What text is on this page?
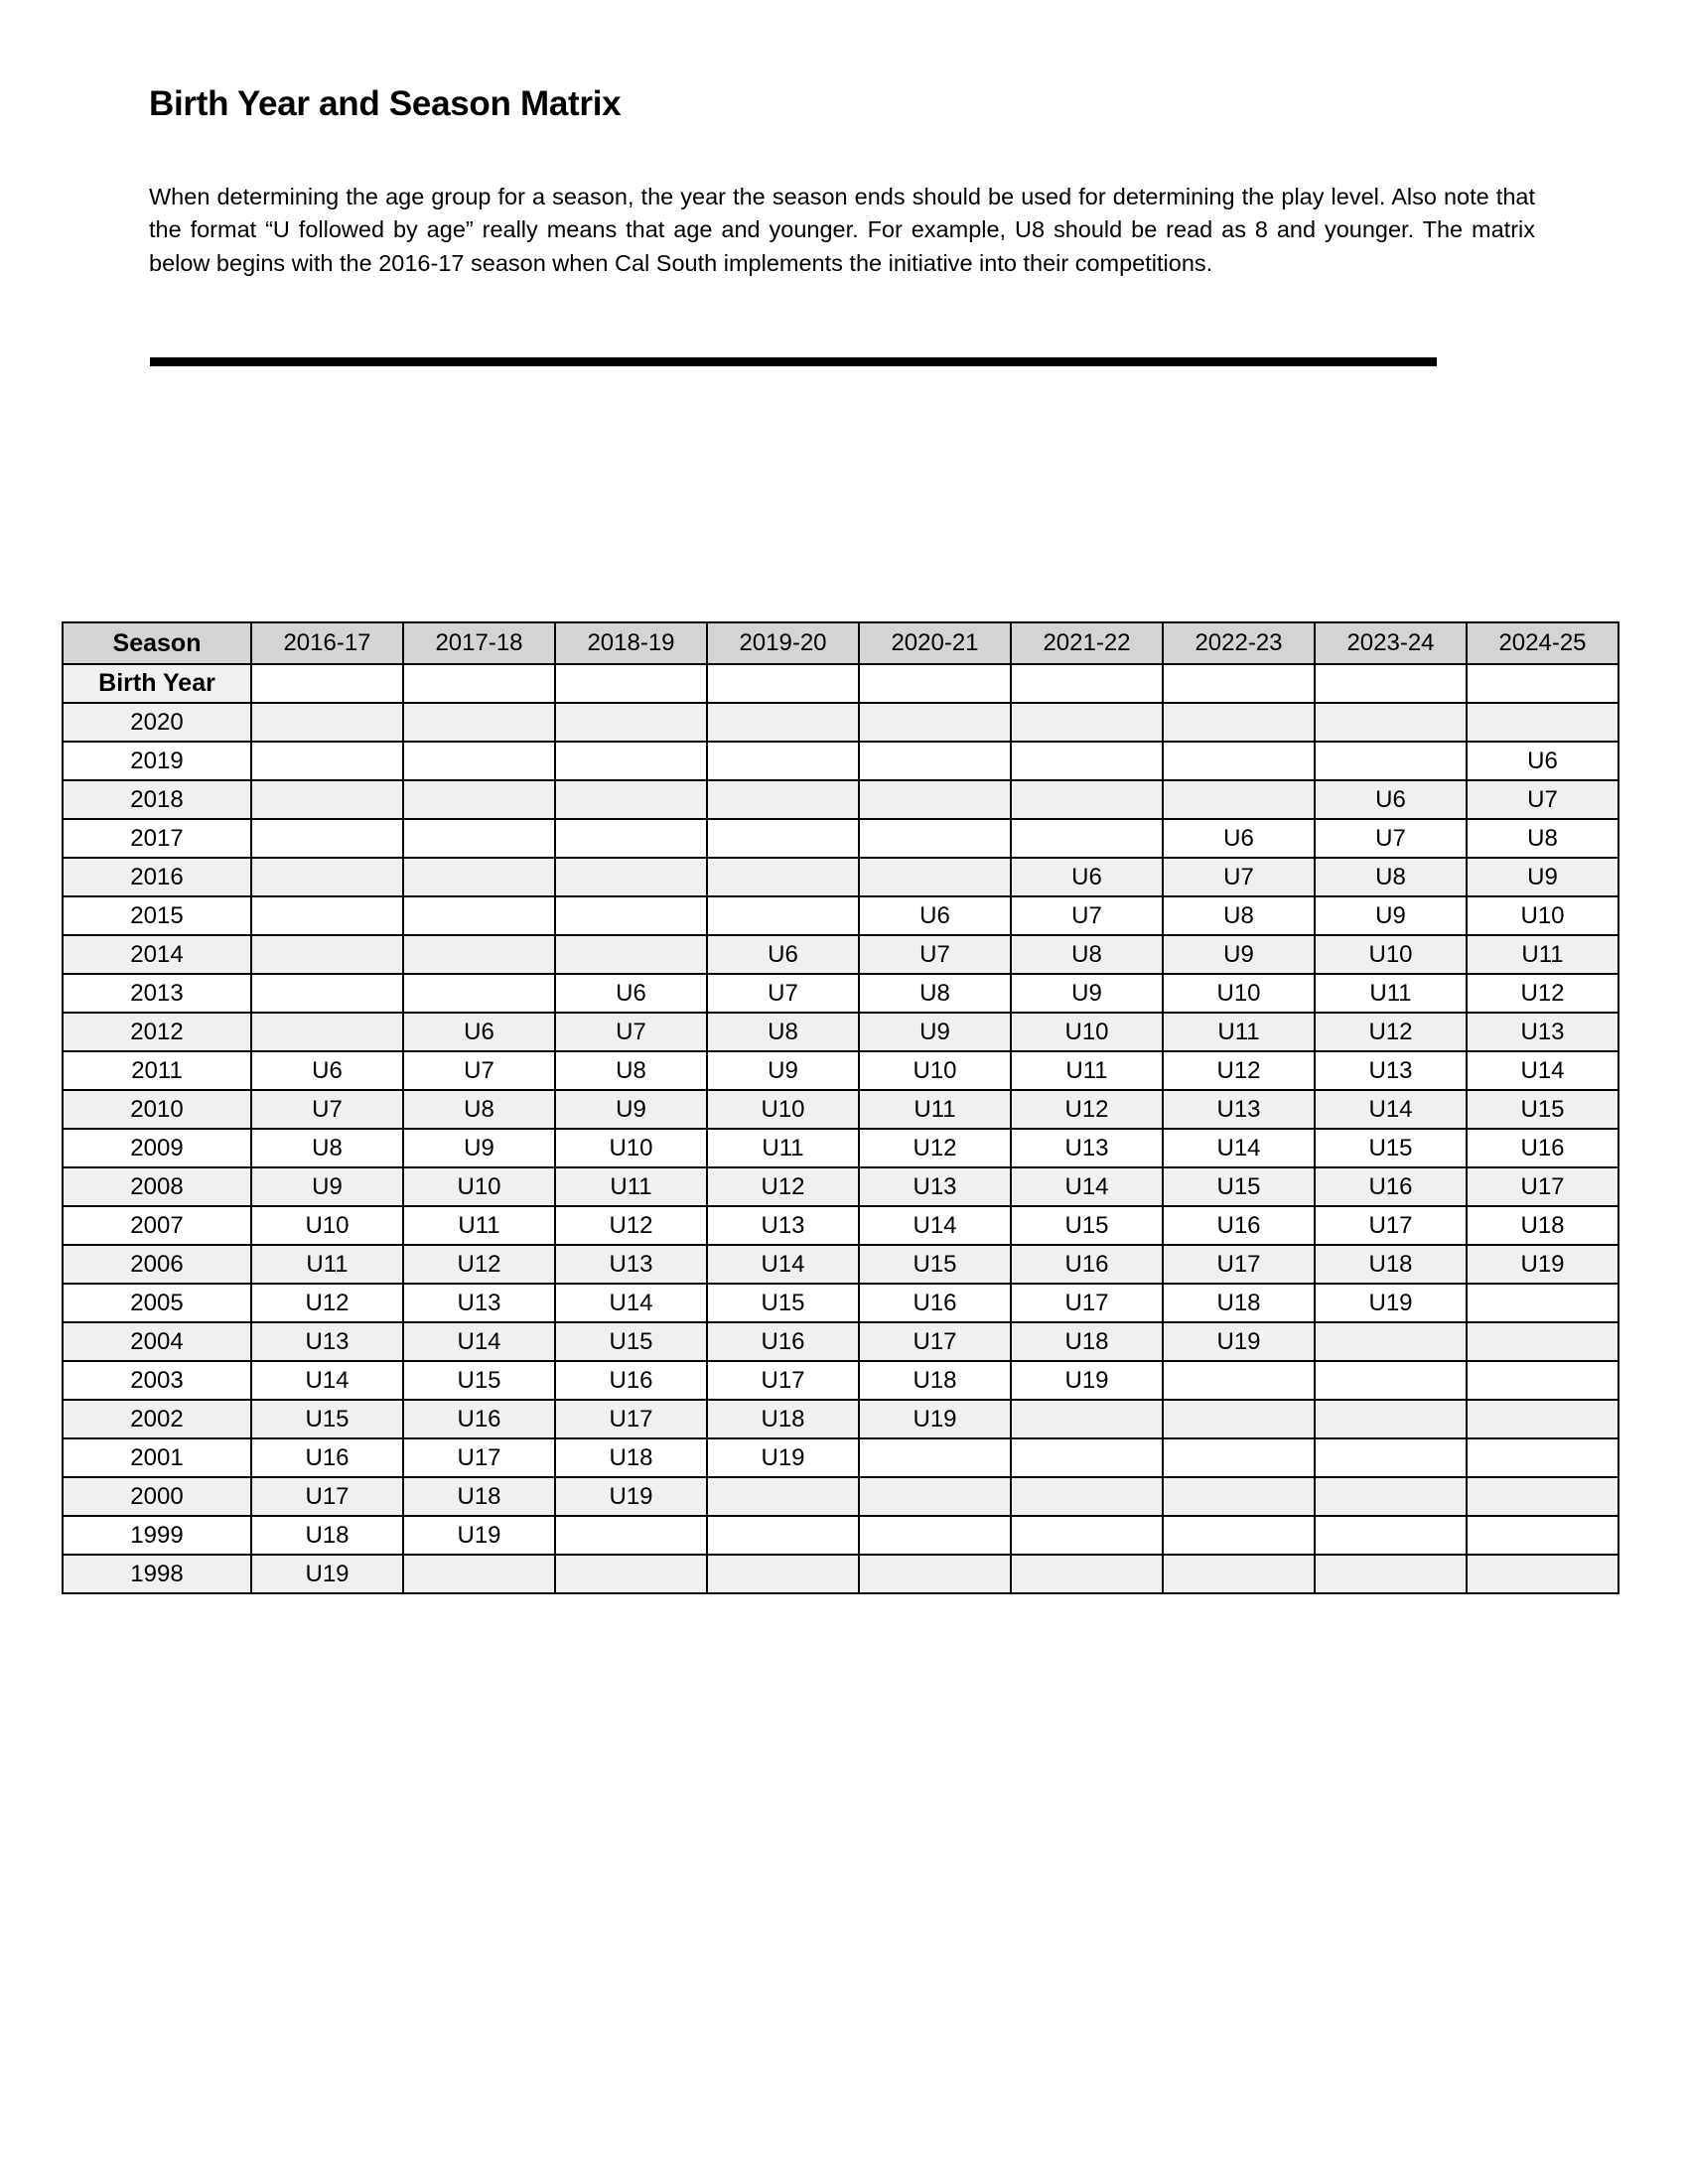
Birth Year and Season Matrix

When determining the age group for a season, the year the season ends should be used for determining the play level. Also note that the format “U followed by age” really means that age and younger. For example, U8 should be read as 8 and younger. The matrix below begins with the 2016-17 season when Cal South implements the initiative into their competitions.

Season	2016-17	2017-18	2018-19	2019-20	2020-21	2021-22	2022-23	2023-24	2024-25
Birth Year									
2020									
2019									U6
2018								U6	U7
2017							U6	U7	U8
2016						U6	U7	U8	U9
2015					U6	U7	U8	U9	U10
2014				U6	U7	U8	U9	U10	U11
2013			U6	U7	U8	U9	U10	U11	U12
2012		U6	U7	U8	U9	U10	U11	U12	U13
2011	U6	U7	U8	U9	U10	U11	U12	U13	U14
2010	U7	U8	U9	U10	U11	U12	U13	U14	U15
2009	U8	U9	U10	U11	U12	U13	U14	U15	U16
2008	U9	U10	U11	U12	U13	U14	U15	U16	U17
2007	U10	U11	U12	U13	U14	U15	U16	U17	U18
2006	U11	U12	U13	U14	U15	U16	U17	U18	U19
2005	U12	U13	U14	U15	U16	U17	U18	U19	
2004	U13	U14	U15	U16	U17	U18	U19		
2003	U14	U15	U16	U17	U18	U19			
2002	U15	U16	U17	U18	U19				
2001	U16	U17	U18	U19					
2000	U17	U18	U19						
1999	U18	U19							
1998	U19								
